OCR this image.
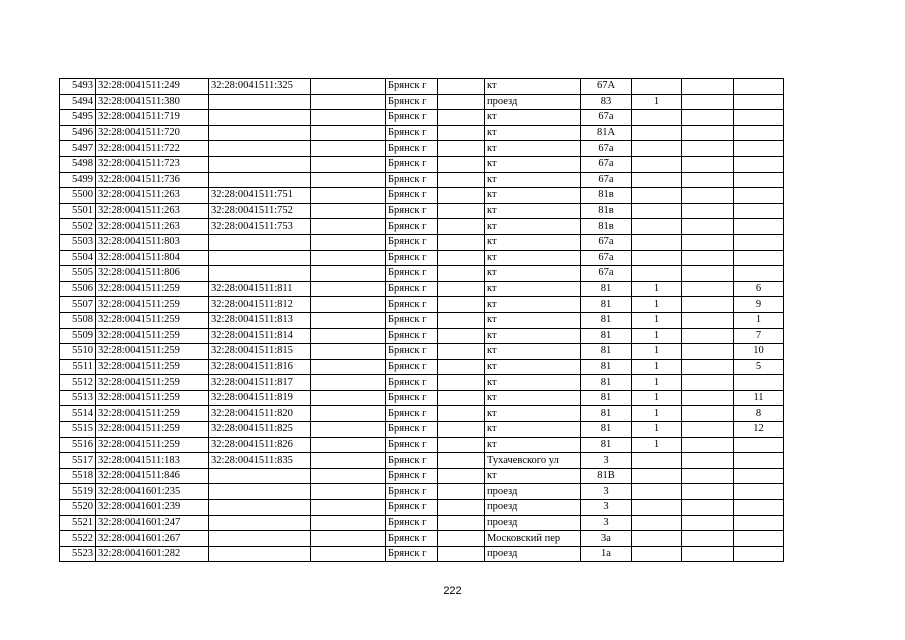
5493	32:28:0041511:249	32:28:0041511:325		Брянск г		кт	67А			
5494	32:28:0041511:380			Брянск г		проезд	83	1		
5495	32:28:0041511:719			Брянск г		кт	67а			
5496	32:28:0041511:720			Брянск г		кт	81А			
5497	32:28:0041511:722			Брянск г		кт	67а			
5498	32:28:0041511:723			Брянск г		кт	67а			
5499	32:28:0041511:736			Брянск г		кт	67а			
5500	32:28:0041511:263	32:28:0041511:751		Брянск г		кт	81в			
5501	32:28:0041511:263	32:28:0041511:752		Брянск г		кт	81в			
5502	32:28:0041511:263	32:28:0041511:753		Брянск г		кт	81в			
5503	32:28:0041511:803			Брянск г		кт	67а			
5504	32:28:0041511:804			Брянск г		кт	67а			
5505	32:28:0041511:806			Брянск г		кт	67а			
5506	32:28:0041511:259	32:28:0041511:811		Брянск г		кт	81	1		6
5507	32:28:0041511:259	32:28:0041511:812		Брянск г		кт	81	1		9
5508	32:28:0041511:259	32:28:0041511:813		Брянск г		кт	81	1		1
5509	32:28:0041511:259	32:28:0041511:814		Брянск г		кт	81	1		7
5510	32:28:0041511:259	32:28:0041511:815		Брянск г		кт	81	1		10
5511	32:28:0041511:259	32:28:0041511:816		Брянск г		кт	81	1		5
5512	32:28:0041511:259	32:28:0041511:817		Брянск г		кт	81	1		
5513	32:28:0041511:259	32:28:0041511:819		Брянск г		кт	81	1		11
5514	32:28:0041511:259	32:28:0041511:820		Брянск г		кт	81	1		8
5515	32:28:0041511:259	32:28:0041511:825		Брянск г		кт	81	1		12
5516	32:28:0041511:259	32:28:0041511:826		Брянск г		кт	81	1		
5517	32:28:0041511:183	32:28:0041511:835		Брянск г		Тухачевского ул	3			
5518	32:28:0041511:846			Брянск г		кт	81В			
5519	32:28:0041601:235			Брянск г		проезд	3			
5520	32:28:0041601:239			Брянск г		проезд	3			
5521	32:28:0041601:247			Брянск г		проезд	3			
5522	32:28:0041601:267			Брянск г		Московский пер	3а			
5523	32:28:0041601:282			Брянск г		проезд	1а			
222
